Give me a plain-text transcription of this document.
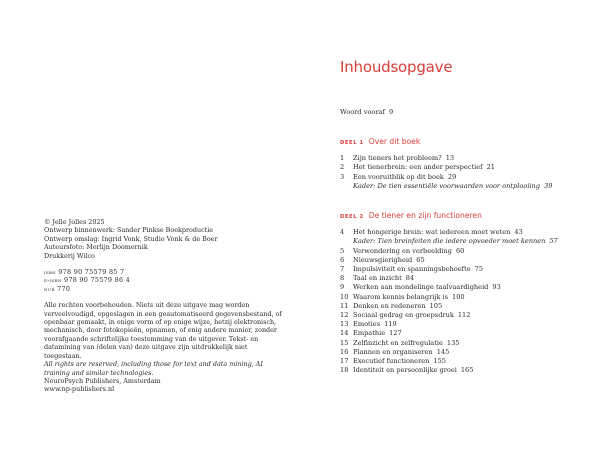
© Jelle Jolles 2025

Ontwerp binnenwerk: Sander Pinkse Boekproductie

Ontwerp omslag: Ingrid Vonk, Studio Vonk & de Boer

Auteursfoto: Merlijn Doomernik

Drukkerij Wilco

isbn 978 90 75579 85 7

e-isbn 978 90 75579 86 4

nur 770

Alle rechten voorbehouden. Niets uit deze uitgave mag worden verveelvoudigd, opgeslagen in een geautomatiseerd gegevensbestand, of openbaar gemaakt, in enige vorm of op enige wijze, hetzij elektronisch, mechanisch, door fotokopieën, opnamen, of enig andere manier, zonder voorafgaande schriftelijke toestemming van de uitgever. Tekst- en datamining van (delen van) deze uitgave zijn uitdrukkelijk niet toegestaan.

All rights are reserved, including those for text and data mining, AI training and similar technologies.

NeuroPsych Publishers, Amsterdam

www.np-publishers.nl

Inhoudsopgave
Woord vooraf 9
DEEL 1 Over dit boek
1	Zijn tieners het probleem? 13
2	Het tienerbrein: een ander perspectief 21
3	Een vooruitblik op dit boek 29
Kader: De tien essentiële voorwaarden voor ontplooiing 39
DEEL 2 De tiener en zijn functioneren
4	Het hongerige brein: wat iedereen moet weten 43
Kader: Tien breinfeiten die iedere opvoeder moet kennen 57
5	Verwondering en verbeelding 60
6	Nieuwsgierigheid 65
7	Impulsiviteit en spanningsbehoefte 75
8	Taal en inzicht 84
9	Werken aan mondelinge taalvaardigheid 93
10 Waarom kennis belangrijk is 100
11 Denken en redeneren 105
12 Sociaal gedrag en groepsdruk 112
13 Emoties 119
14 Empathie 127
15 Zelfinzicht en zelfregulatie 135
16 Plannen en organiseren 145
17 Executief functioneren 155
18 Identiteit en persoonlijke groei 165
